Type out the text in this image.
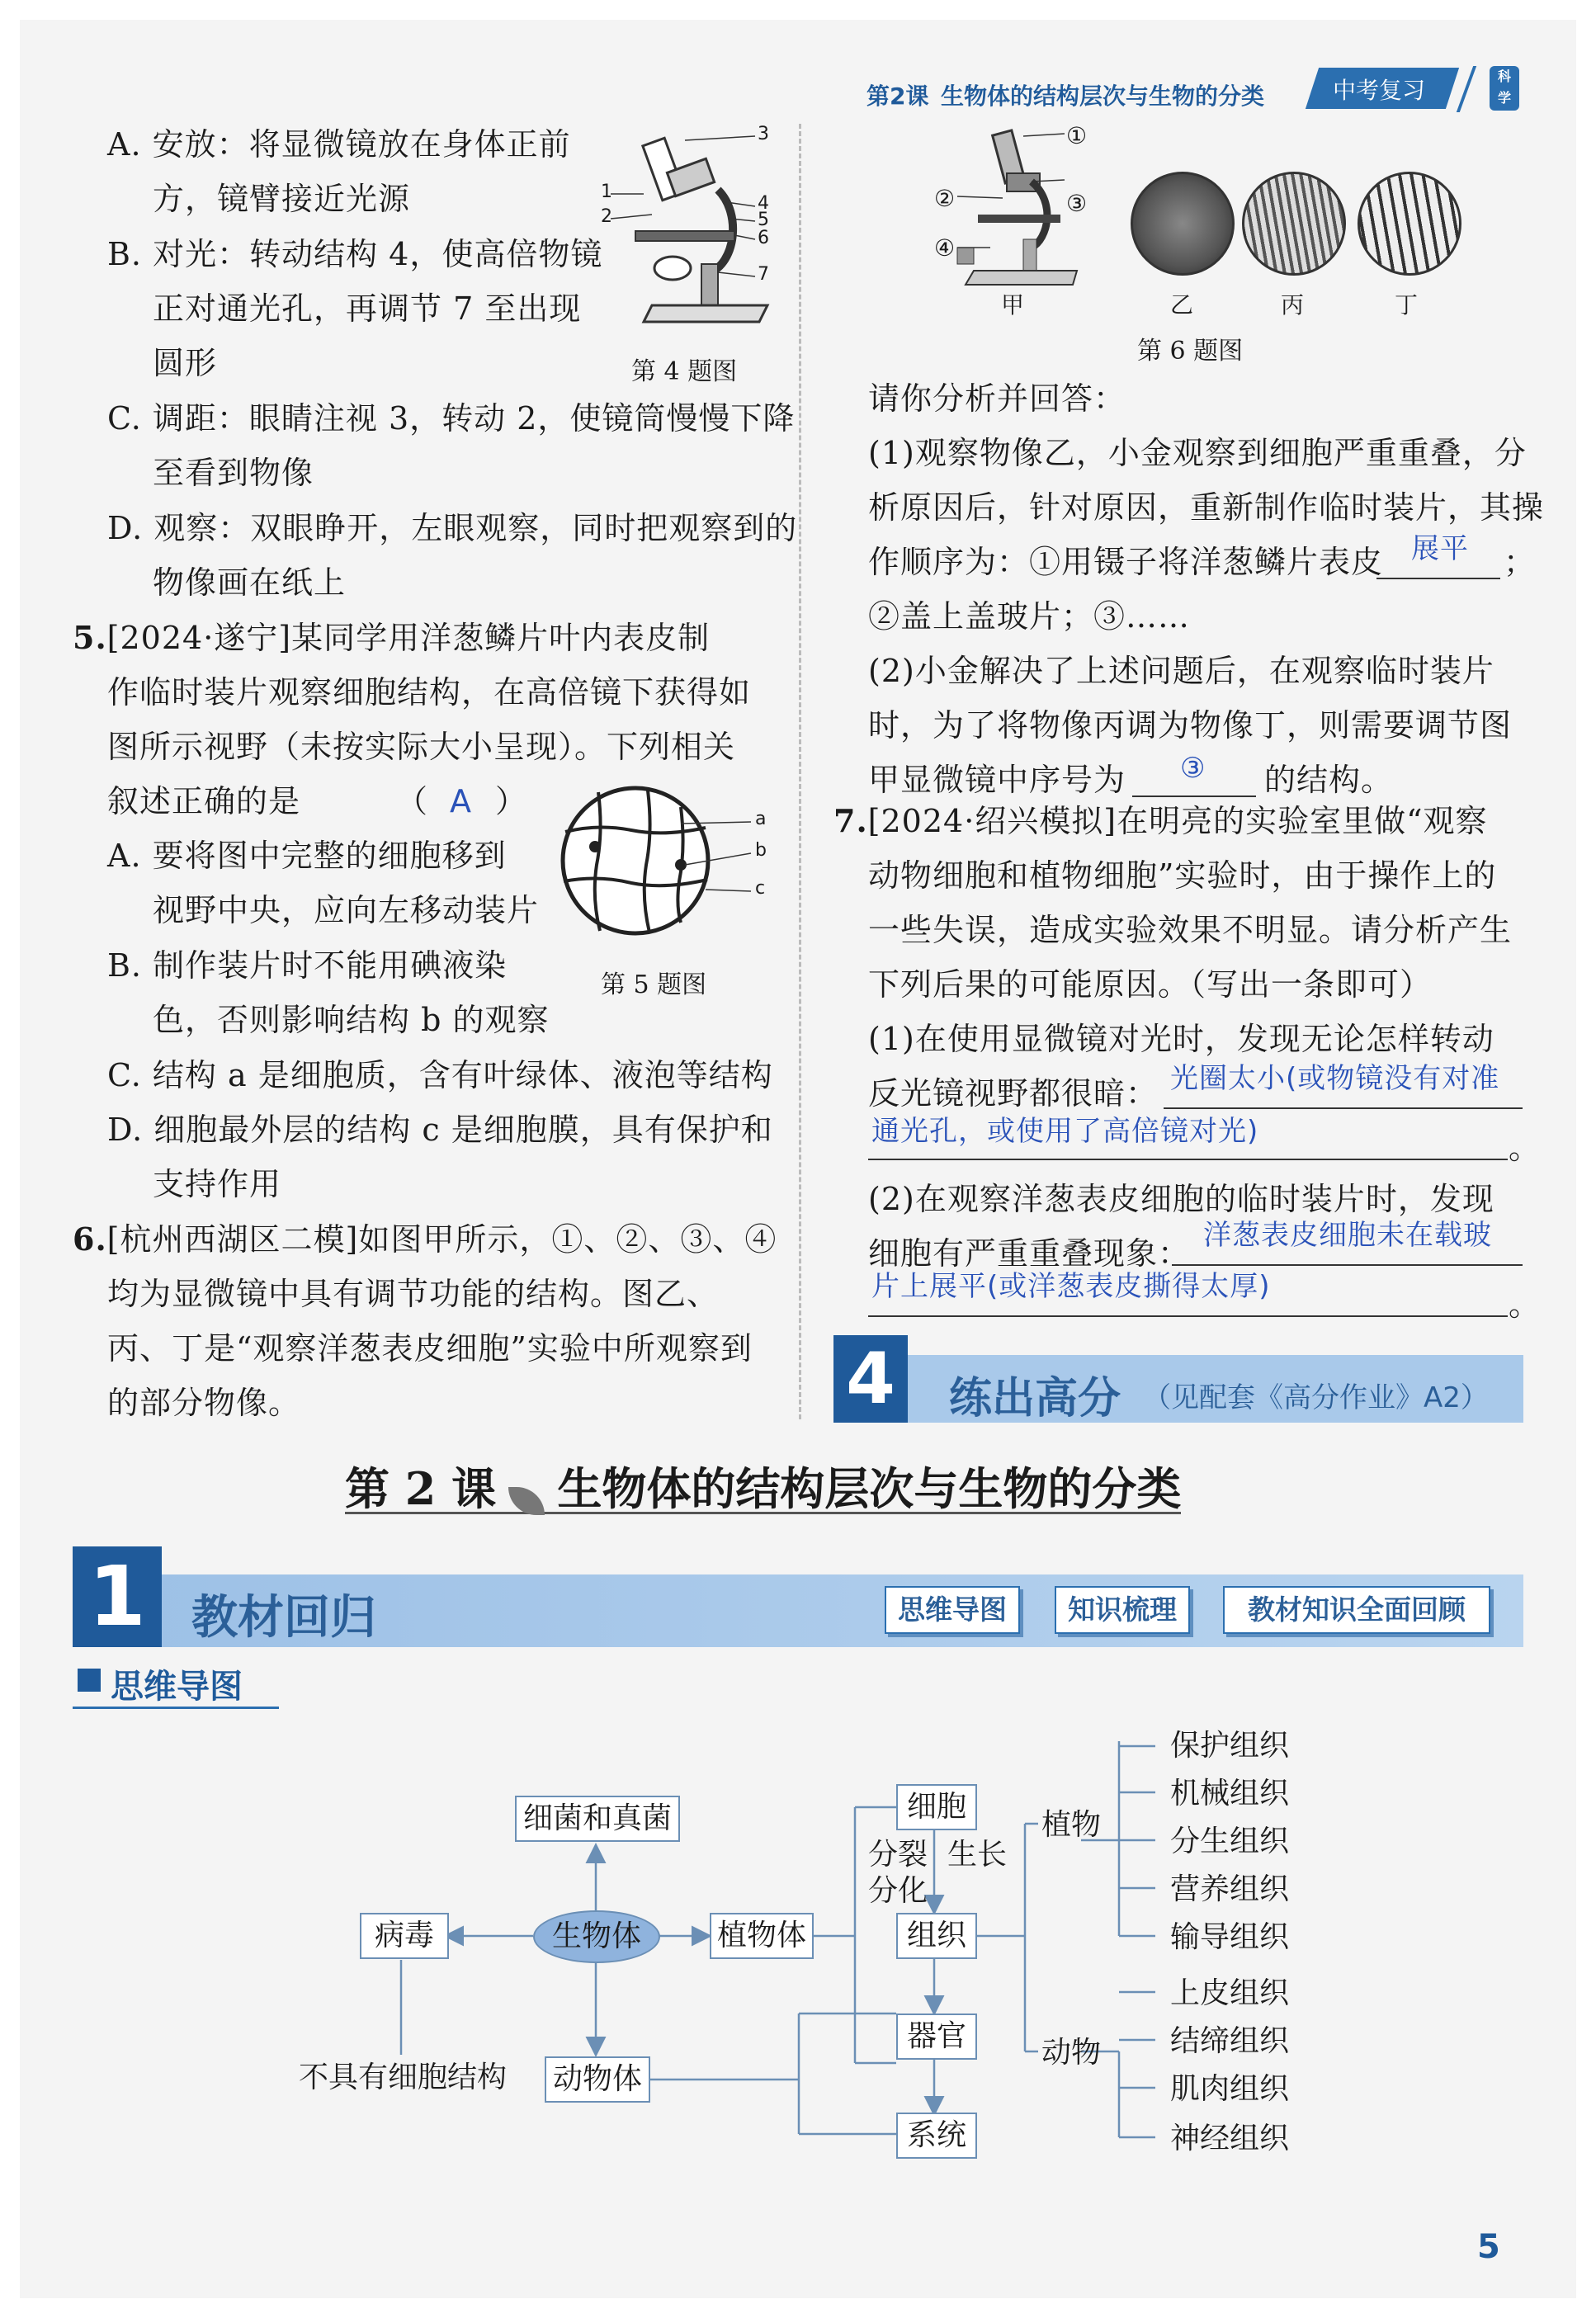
第2课 生物体的结构层次与生物的分类	中考复习
科
学
A. 安放：将显微镜放在身体正前
方，镜臂接近光源
B. 对光：转动结构 4，使高倍物镜
正对通光孔，再调节 7 至出现
圆形
C. 调距：眼睛注视 3，转动 2，使镜筒慢慢下降
至看到物像
D. 观察：双眼睁开，左眼观察，同时把观察到的
物像画在纸上
1
2
3
4
5
6
7
第 4 题图
5.[2024·遂宁]某同学用洋葱鳞片叶内表皮制
作临时装片观察细胞结构，在高倍镜下获得如
图所示视野（未按实际大小呈现）。下列相关
叙述正确的是	（ A ）	a
b
c
第 5 题图
A. 要将图中完整的细胞移到
视野中央，应向左移动装片
B. 制作装片时不能用碘液染
色，否则影响结构 b 的观察
C. 结构 a 是细胞质，含有叶绿体、液泡等结构
D. 细胞最外层的结构 c 是细胞膜，具有保护和
支持作用
6.[杭州西湖区二模]如图甲所示，①、②、③、④
均为显微镜中具有调节功能的结构。图乙、
丙、丁是“观察洋葱表皮细胞”实验中所观察到
的部分物像。
①
②	③
④
甲	乙	丙	丁
第 6 题图
请你分析并回答：
(1)观察物像乙，小金观察到细胞严重重叠，分
析原因后，针对原因，重新制作临时装片，其操
作顺序为：①用镊子将洋葱鳞片表皮 展平 ；
②盖上盖玻片；③……
(2)小金解决了上述问题后，在观察临时装片
时，为了将物像丙调为物像丁，则需要调节图
甲显微镜中序号为 ③ 的结构。
7.[2024·绍兴模拟]在明亮的实验室里做“观察
动物细胞和植物细胞”实验时，由于操作上的
一些失误，造成实验效果不明显。请分析产生
下列后果的可能原因。（写出一条即可）
(1)在使用显微镜对光时，发现无论怎样转动
反光镜视野都很暗： 光圈太小(或物镜没有对准
通光孔，或使用了高倍镜对光)	。
(2)在观察洋葱表皮细胞的临时装片时，发现
细胞有严重重叠现象： 洋葱表皮细胞未在载玻
片上展平(或洋葱表皮撕得太厚)	。
4 练出高分 （见配套《高分作业》A2）
第 2 课 生物体的结构层次与生物的分类
1 教材回归	思维导图	知识梳理	教材知识全面回顾
思维导图
生物体
细菌和真菌
病毒
不具有细胞结构
植物体
动物体
细胞
分裂
分化
生长
组织
器官
系统
植物
动物
保护组织
机械组织
分生组织
营养组织
输导组织
上皮组织
结缔组织
肌肉组织
神经组织
5
